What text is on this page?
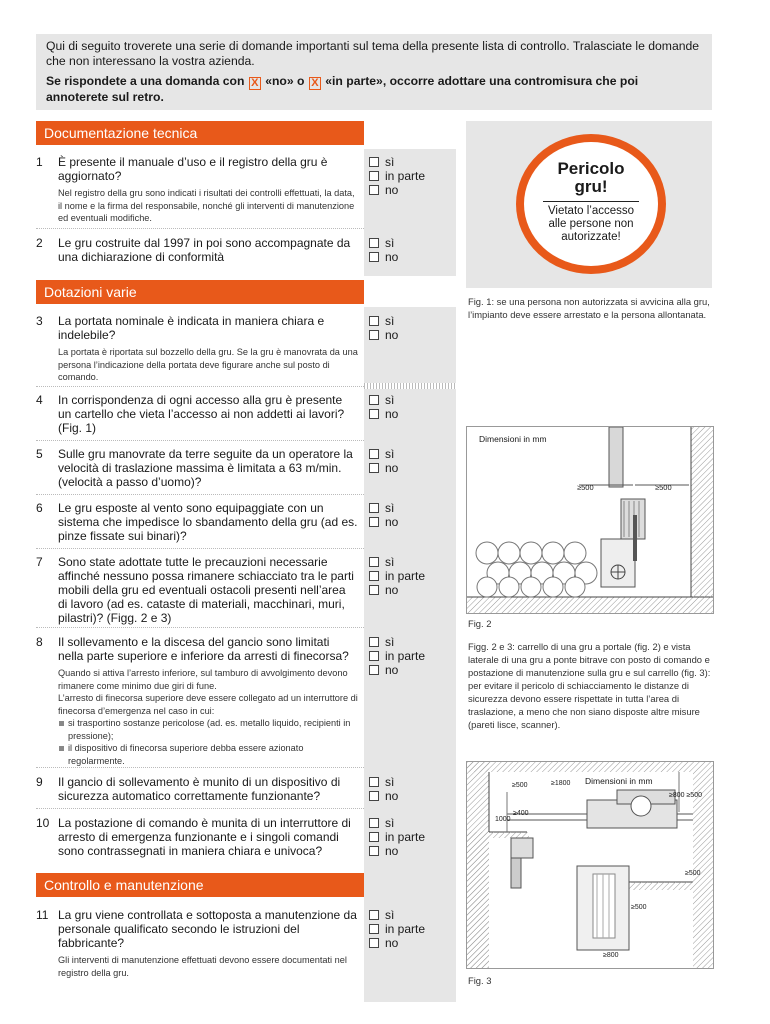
Qui di seguito troverete una serie di domande importanti sul tema della presente lista di controllo. Tralasciate le domande che non interessano la vostra azienda.

Se rispondete a una domanda con X «no» o X «in parte», occorre adottare una contromisura che poi annoterete sul retro.

Documentazione tecnica
1 È presente il manuale d’uso e il registro della gru è aggiornato?

Nel registro della gru sono indicati i risultati dei controlli effettuati, la data, il nome e la firma del responsabile, nonché gli interventi di manutenzione ed eventuali modifiche.

sì
in parte
no
2 Le gru costruite dal 1997 in poi sono accompagnate da una dichiarazione di conformità

sì
no
Dotazioni varie
3 La portata nominale è indicata in maniera chiara e indelebile?

La portata è riportata sul bozzello della gru. Se la gru è manovrata da una persona l’indicazione della portata deve figurare anche sul posto di comando.

sì
no
4 In corrispondenza di ogni accesso alla gru è presente un cartello che vieta l’accesso ai non addetti ai lavori? (Fig. 1)

sì
no
5 Sulle gru manovrate da terre seguite da un operatore la velocità di traslazione massima è limitata a 63 m/min. (velocità a passo d’uomo)?

sì
no
6 Le gru esposte al vento sono equipaggiate con un sistema che impedisce lo sbandamento della gru (ad es. pinze fissate sui binari)?

sì
no
7 Sono state adottate tutte le precauzioni necessarie affinché nessuno possa rimanere schiacciato tra le parti mobili della gru ed eventuali ostacoli presenti nell’area di lavoro (ad es. cataste di materiali, macchinari, muri, pilastri)? (Figg. 2 e 3)

sì
in parte
no
8 Il sollevamento e la discesa del gancio sono limitati nella parte superiore e inferiore da arresti di finecorsa?

Quando si attiva l’arresto inferiore, sul tamburo di avvolgimento devono rimanere come minimo due giri di fune.

L’arresto di finecorsa superiore deve essere collegato ad un interruttore di finecorsa d’emergenza nel caso in cui:

si trasportino sostanze pericolose (ad. es. metallo liquido, recipienti in pressione);
il dispositivo di finecorsa superiore debba essere azionato regolarmente.
sì
in parte
no
9 Il gancio di sollevamento è munito di un dispositivo di sicurezza automatico correttamente funzionante?

sì
no
10 La postazione di comando è munita di un interruttore di arresto di emergenza funzionante e i singoli comandi sono contrassegnati in maniera chiara e univoca?

sì
in parte
no
Controllo e manutenzione
11 La gru viene controllata e sottoposta a manutenzione da personale qualificato secondo le istruzioni del fabbricante?

Gli interventi di manutenzione effettuati devono essere documentati nel registro della gru.

sì
in parte
no
Pericolo gru!
Vietato l’accesso alle persone non autorizzate!
Fig. 1: se una persona non autorizzata si avvicina alla gru, l’impianto deve essere arrestato e la persona allontanata.
Dimensioni in mm
≥500	≥500
Fig. 2
Figg. 2 e 3: carrello di una gru a portale (fig. 2) e vista laterale di una gru a ponte bitrave con posto di comando e postazione di manutenzione sulla gru e sul carrello (fig. 3): per evitare il pericolo di schiacciamento le distanze di sicurezza devono essere rispettate in tutta l’area di traslazione, a meno che non siano disposte altre misure (pareti lisce, scanner).
Dimensioni in mm
≥500	≥1800
≥400
1000
≥800 ≥500
≥500
≥500
≥800
Fig. 3
